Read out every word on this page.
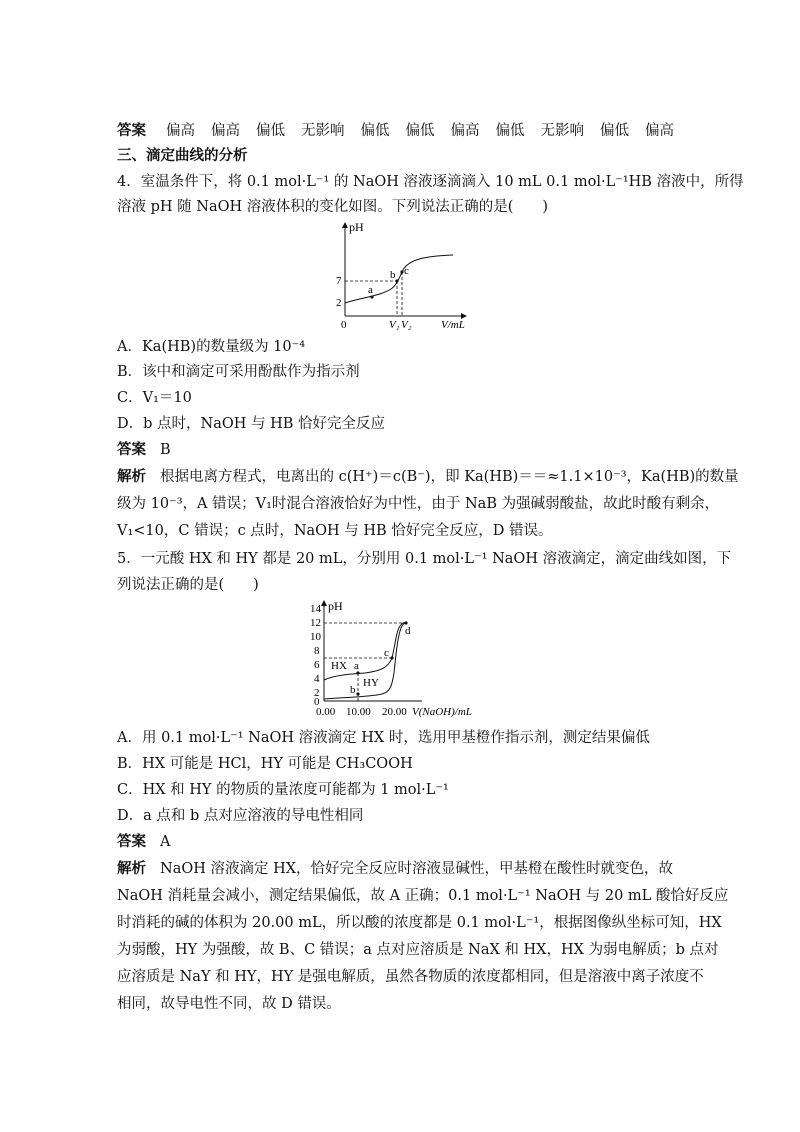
答案 偏高 偏高 偏低 无影响 偏低 偏低 偏高 偏低 无影响 偏低 偏高
三、滴定曲线的分析
4．室温条件下，将 0.1 mol·L⁻¹ 的 NaOH 溶液逐滴滴入 10 mL 0.1 mol·L⁻¹HB 溶液中，所得
溶液 pH 随 NaOH 溶液体积的变化如图。下列说法正确的是(　　)
pH
V/mL
0
7
2
a
b c
V₁ V₂
A．Ka(HB)的数量级为 10⁻⁴
B．该中和滴定可采用酚酞作为指示剂
C．V₁＝10
D．b 点时，NaOH 与 HB 恰好完全反应
答案 B
解析 根据电离方程式，电离出的 c(H⁺)＝c(B⁻)，即 Ka(HB)＝＝≈1.1×10⁻³，Ka(HB)的数量
级为 10⁻³，A 错误；V₁时混合溶液恰好为中性，由于 NaB 为强碱弱酸盐，故此时酸有剩余，
V₁<10，C 错误；c 点时，NaOH 与 HB 恰好完全反应，D 错误。
5．一元酸 HX 和 HY 都是 20 mL，分别用 0.1 mol·L⁻¹ NaOH 溶液滴定，滴定曲线如图，下
列说法正确的是(　　)
pH
14
12
10
8
6
4
2
0
HX a
HY
b
c
d
0.00 10.00 20.00 V(NaOH)/mL
A．用 0.1 mol·L⁻¹ NaOH 溶液滴定 HX 时，选用甲基橙作指示剂，测定结果偏低
B．HX 可能是 HCl，HY 可能是 CH₃COOH
C．HX 和 HY 的物质的量浓度可能都为 1 mol·L⁻¹
D．a 点和 b 点对应溶液的导电性相同
答案 A
解析 NaOH 溶液滴定 HX，恰好完全反应时溶液显碱性，甲基橙在酸性时就变色，故
NaOH 消耗量会减小，测定结果偏低，故 A 正确；0.1 mol·L⁻¹ NaOH 与 20 mL 酸恰好反应
时消耗的碱的体积为 20.00 mL，所以酸的浓度都是 0.1 mol·L⁻¹，根据图像纵坐标可知，HX
为弱酸，HY 为强酸，故 B、C 错误；a 点对应溶质是 NaX 和 HX，HX 为弱电解质；b 点对
应溶质是 NaY 和 HY，HY 是强电解质，虽然各物质的浓度都相同，但是溶液中离子浓度不
相同，故导电性不同，故 D 错误。
